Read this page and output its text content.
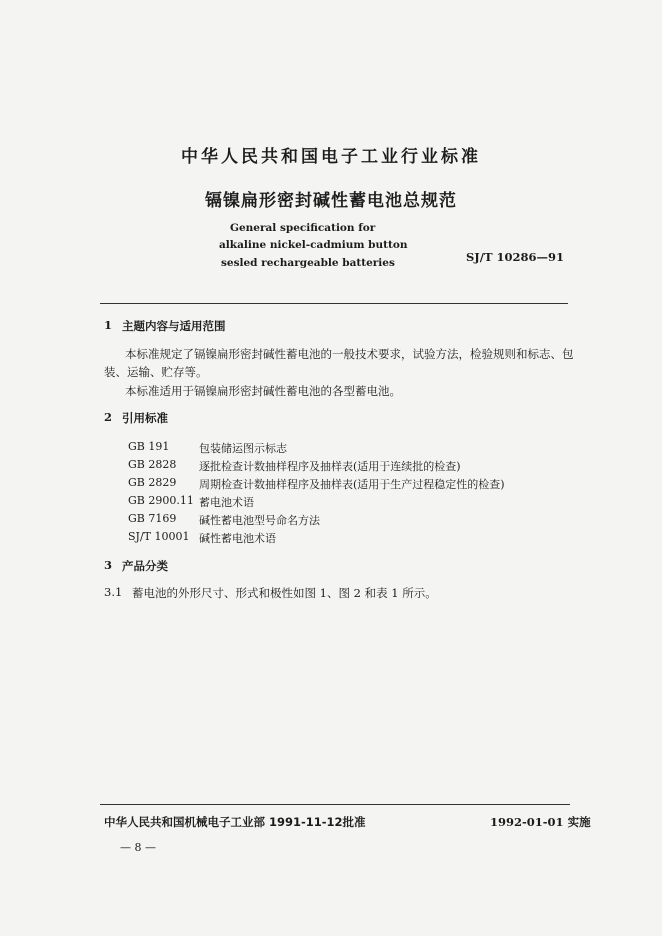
中华人民共和国电子工业行业标准
镉镍扁形密封碱性蓄电池总规范
General specification for
alkaline nickel-cadmium button
sesled rechargeable batteries	SJ/T 10286—91
1 主题内容与适用范围
本标准规定了镉镍扁形密封碱性蓄电池的一般技术要求，试验方法，检验规则和标志、包
装、运输、贮存等。
本标准适用于镉镍扁形密封碱性蓄电池的各型蓄电池。
2 引用标准
GB 191	包装储运图示标志
GB 2828 逐批检查计数抽样程序及抽样表(适用于连续批的检查)
GB 2829 周期检查计数抽样程序及抽样表(适用于生产过程稳定性的检查)
GB 2900.11 蓄电池术语
GB 7169 碱性蓄电池型号命名方法
SJ/T 10001 碱性蓄电池术语
3 产品分类
3.1 蓄电池的外形尺寸、形式和极性如图 1、图 2 和表 1 所示。
中华人民共和国机械电子工业部 1991-11-12批准	1992-01-01 实施
— 8 —
